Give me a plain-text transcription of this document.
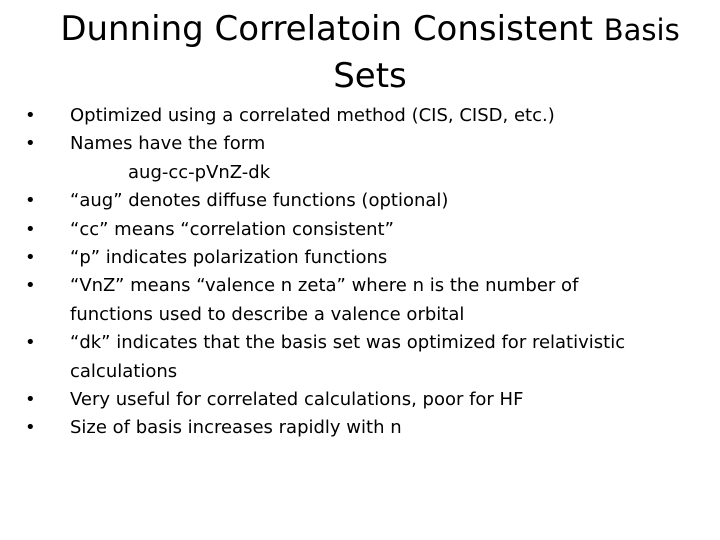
Dunning Correlatoin Consistent Basis
Sets
• Optimized using a correlated method (CIS, CISD, etc.)
• Names have the form
aug-cc-pVnZ-dk
• “aug” denotes diffuse functions (optional)
• “cc” means “correlation consistent”
• “p” indicates polarization functions
• “VnZ” means “valence n zeta” where n is the number of functions used to describe a valence orbital
• “dk” indicates that the basis set was optimized for relativistic calculations
• Very useful for correlated calculations, poor for HF
• Size of basis increases rapidly with n
